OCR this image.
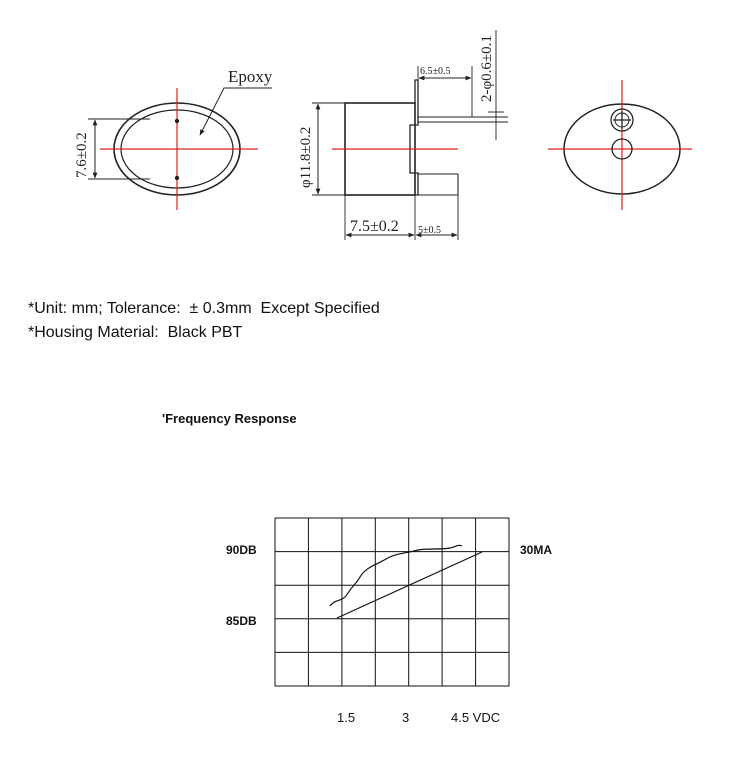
Epoxy
7.6±0.2	φ11.8±0.2
7.5±0.2 5±0.5
6.5±0.5 2-φ0.6±0.1
*Unit: mm; Tolerance:  ± 0.3mm  Except Specified
*Housing Material:  Black PBT
'Frequency Response
90DB
85DB
30MA
1.5	3	4.5 VDC
